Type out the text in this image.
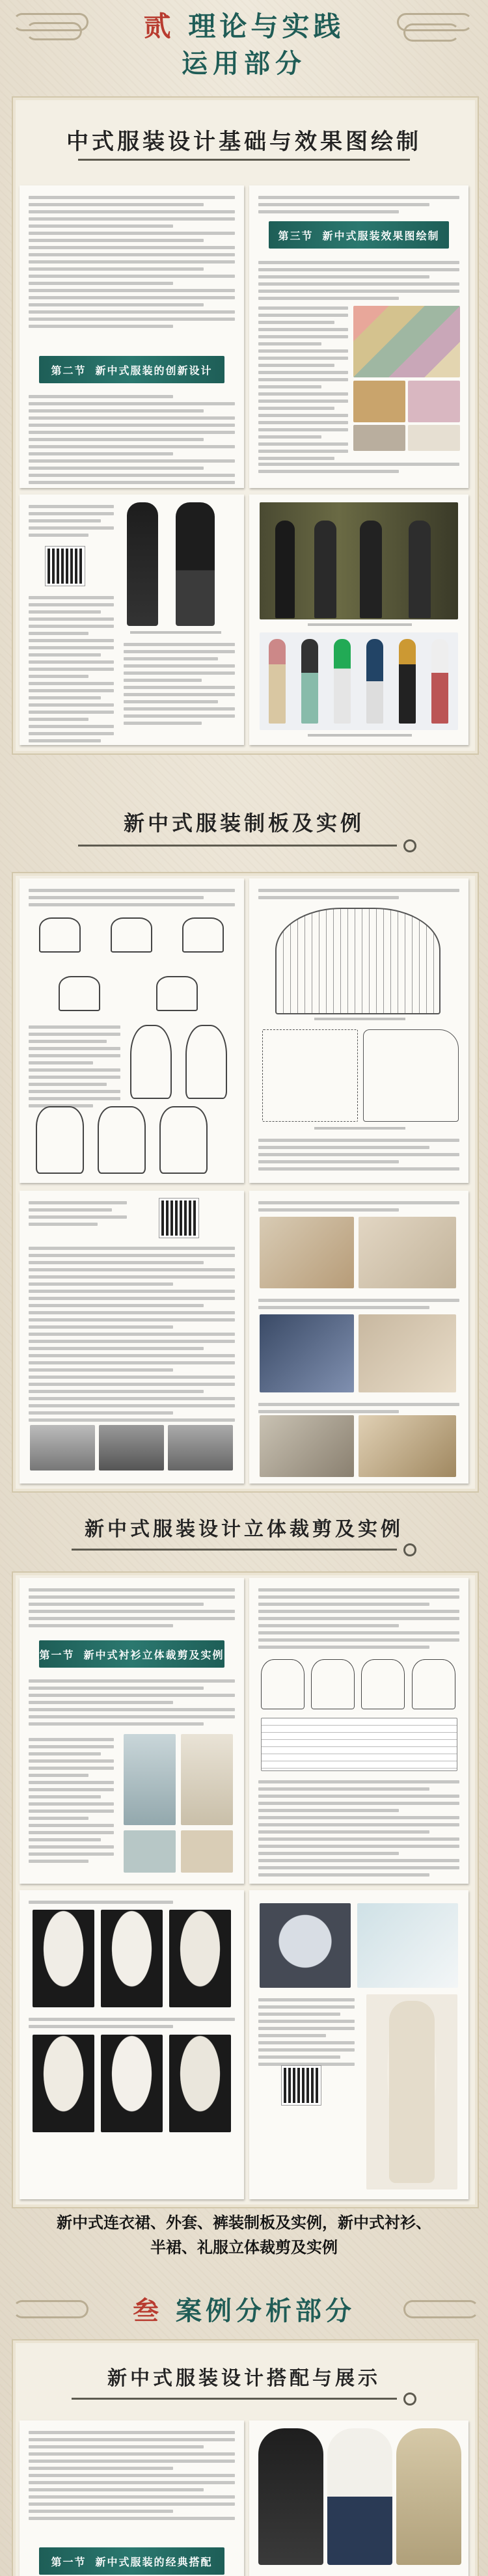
贰 理论与实践
运用部分
中式服装设计基础与效果图绘制
第二节 新中式服装的创新设计
第三节 新中式服装效果图绘制
新中式服装制板及实例
新中式服装设计立体裁剪及实例
第一节 新中式衬衫立体裁剪及实例
新中式连衣裙、外套、裤装制板及实例，新中式衬衫、
半裙、礼服立体裁剪及实例
叁 案例分析部分
新中式服装设计搭配与展示
第一节 新中式服装的经典搭配
